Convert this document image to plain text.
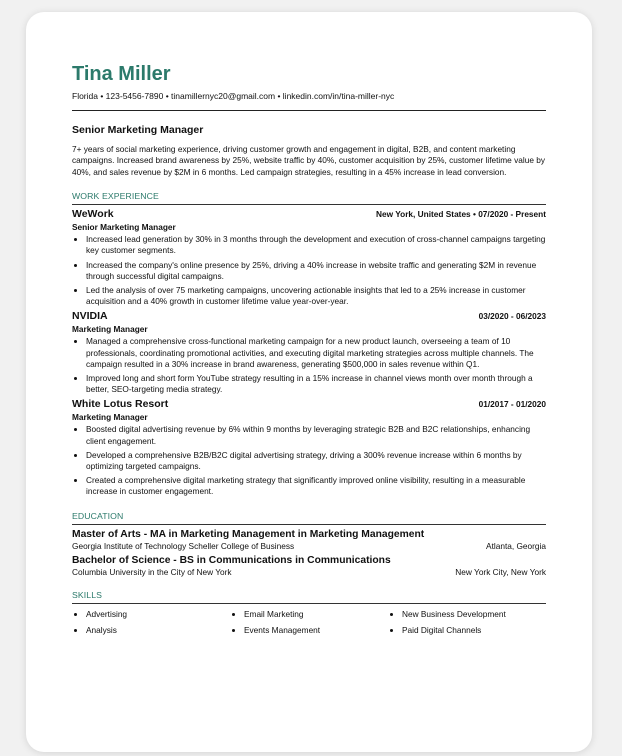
Tina Miller
Florida • 123-5456-7890 • tinamillernyc20@gmail.com • linkedin.com/in/tina-miller-nyc
Senior Marketing Manager
7+ years of social marketing experience, driving customer growth and engagement in digital, B2B, and content marketing campaigns. Increased brand awareness by 25%, website traffic by 40%, customer acquisition by 25%, customer lifetime value by 40%, and sales revenue by $2M in 6 months. Led campaign strategies, resulting in a 45% increase in lead conversion.
WORK EXPERIENCE
WeWork	New York, United States • 07/2020 - Present
Senior Marketing Manager
• Increased lead generation by 30% in 3 months through the development and execution of cross-channel campaigns targeting key customer segments.
• Increased the company's online presence by 25%, driving a 40% increase in website traffic and generating $2M in revenue through successful digital campaigns.
• Led the analysis of over 75 marketing campaigns, uncovering actionable insights that led to a 25% increase in customer acquisition and a 40% growth in customer lifetime value year-over-year.
NVIDIA	03/2020 - 06/2023
Marketing Manager
• Managed a comprehensive cross-functional marketing campaign for a new product launch, overseeing a team of 10 professionals, coordinating promotional activities, and executing digital marketing strategies across multiple channels. The campaign resulted in a 30% increase in brand awareness, generating $500,000 in sales revenue within Q1.
• Improved long and short form YouTube strategy resulting in a 15% increase in channel views month over month through a better, SEO-targeting media strategy.
White Lotus Resort	01/2017 - 01/2020
Marketing Manager
• Boosted digital advertising revenue by 6% within 9 months by leveraging strategic B2B and B2C relationships, enhancing client engagement.
• Developed a comprehensive B2B/B2C digital advertising strategy, driving a 300% revenue increase within 6 months by optimizing targeted campaigns.
• Created a comprehensive digital marketing strategy that significantly improved online visibility, resulting in a measurable increase in customer engagement.
EDUCATION
Master of Arts - MA in Marketing Management in Marketing Management
Georgia Institute of Technology Scheller College of Business	Atlanta, Georgia
Bachelor of Science - BS in Communications in Communications
Columbia University in the City of New York	New York City, New York
SKILLS
• Advertising
• Analysis
• Email Marketing
• Events Management
• New Business Development
• Paid Digital Channels
